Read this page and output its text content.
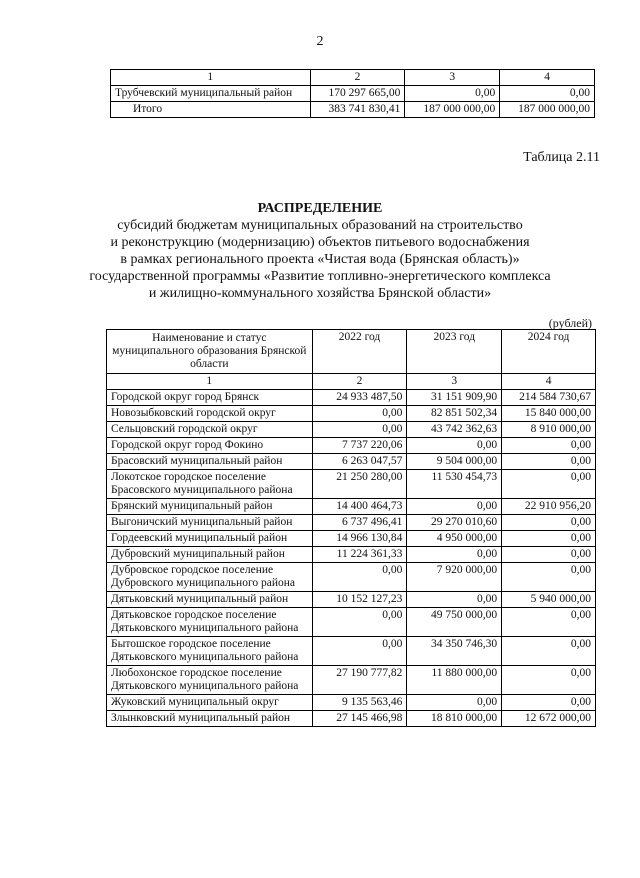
2
1	2	3	4
Трубчевский муниципальный район	170 297 665,00	0,00	0,00
Итого	383 741 830,41	187 000 000,00	187 000 000,00
Таблица 2.11
РАСПРЕДЕЛЕНИЕ
субсидий бюджетам муниципальных образований на строительство
и реконструкцию (модернизацию) объектов питьевого водоснабжения
в рамках регионального проекта «Чистая вода (Брянская область)»
государственной программы «Развитие топливно-энергетического комплекса
и жилищно-коммунального хозяйства Брянской области»
(рублей)
Наименование и статус муниципального образования Брянской области	2022 год	2023 год	2024 год
1	2	3	4
Городской округ город Брянск	24 933 487,50	31 151 909,90	214 584 730,67
Новозыбковский городской округ	0,00	82 851 502,34	15 840 000,00
Сельцовский городской округ	0,00	43 742 362,63	8 910 000,00
Городской округ город Фокино	7 737 220,06	0,00	0,00
Брасовский муниципальный район	6 263 047,57	9 504 000,00	0,00
Локотское городское поселение Брасовского муниципального района	21 250 280,00	11 530 454,73	0,00
Брянский муниципальный район	14 400 464,73	0,00	22 910 956,20
Выгоничский муниципальный район	6 737 496,41	29 270 010,60	0,00
Гордеевский муниципальный район	14 966 130,84	4 950 000,00	0,00
Дубровский муниципальный район	11 224 361,33	0,00	0,00
Дубровское городское поселение Дубровского муниципального района	0,00	7 920 000,00	0,00
Дятьковский муниципальный район	10 152 127,23	0,00	5 940 000,00
Дятьковское городское поселение Дятьковского муниципального района	0,00	49 750 000,00	0,00
Бытошское городское поселение Дятьковского муниципального района	0,00	34 350 746,30	0,00
Любохонское городское поселение Дятьковского муниципального района	27 190 777,82	11 880 000,00	0,00
Жуковский муниципальный округ	9 135 563,46	0,00	0,00
Злынковский муниципальный район	27 145 466,98	18 810 000,00	12 672 000,00
